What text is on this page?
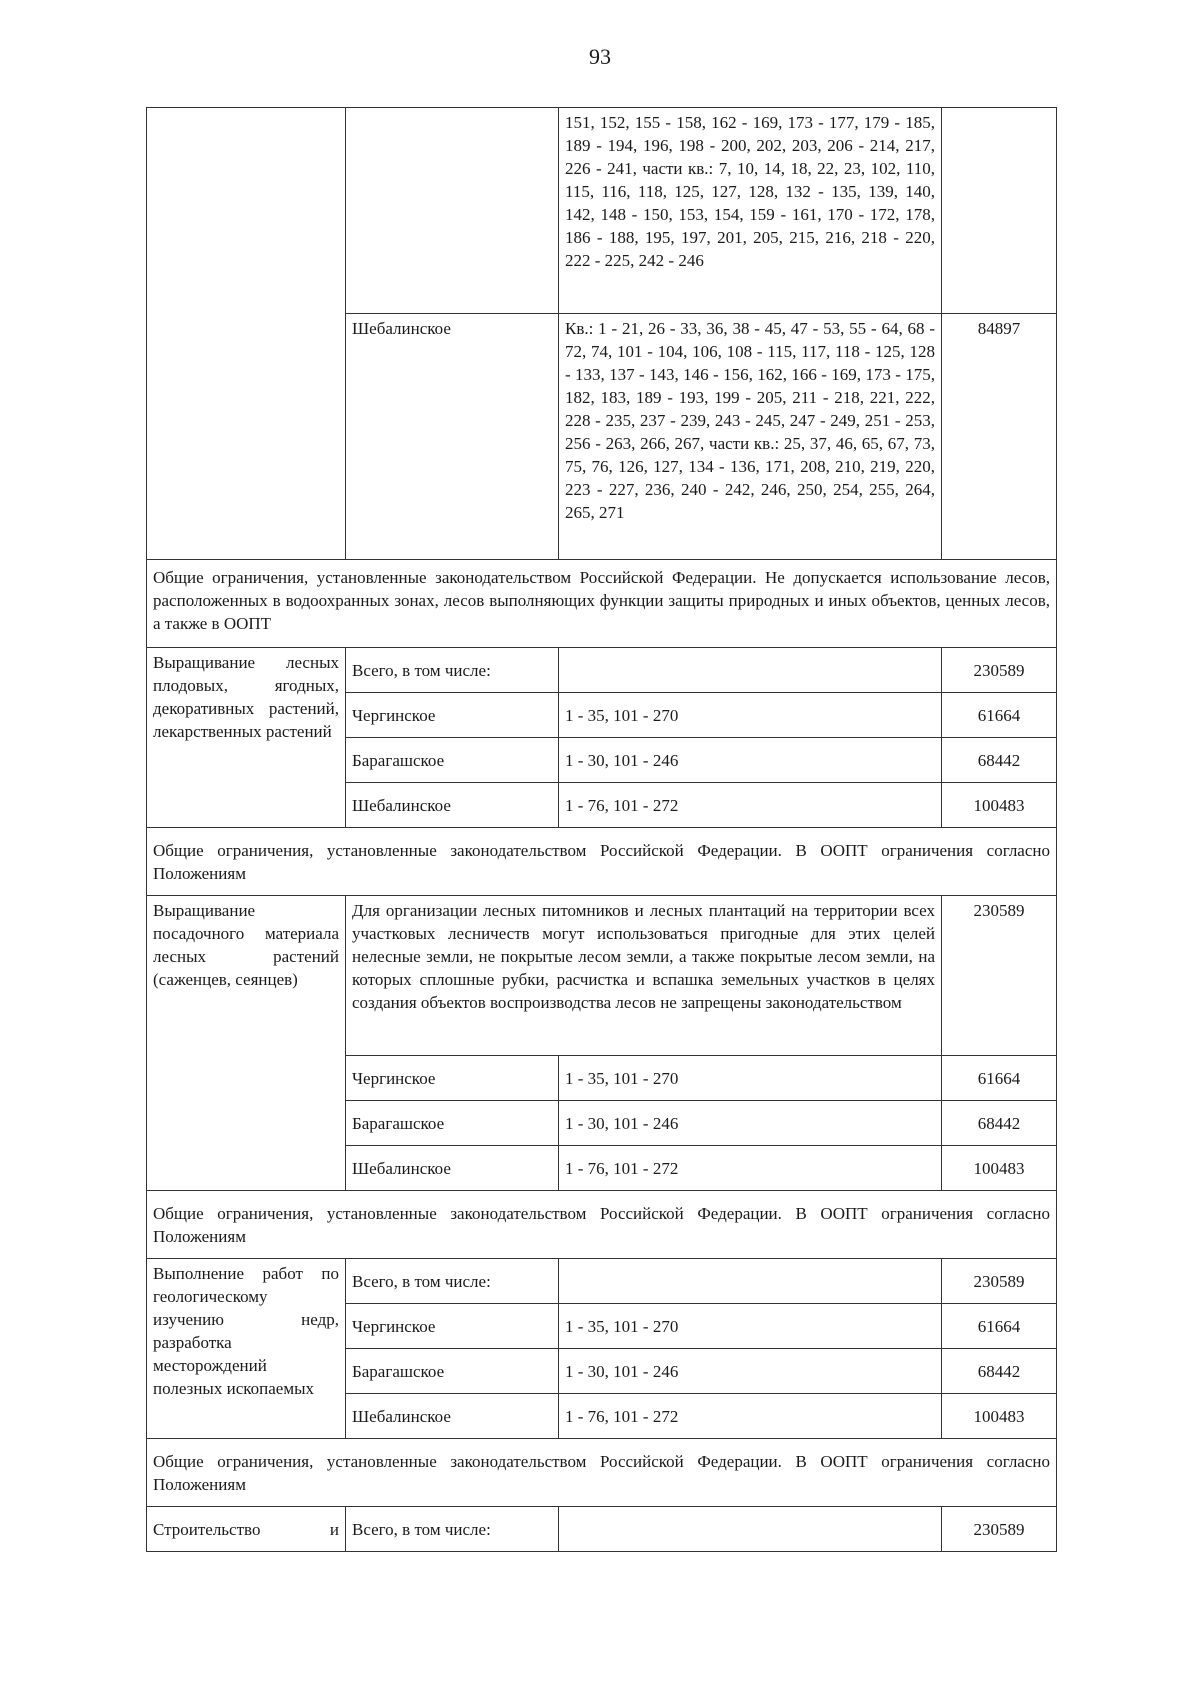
93
		151, 152, 155 - 158, 162 - 169, 173 - 177, 179 - 185, 189 - 194, 196, 198 - 200, 202, 203, 206 - 214, 217, 226 - 241, части кв.: 7, 10, 14, 18, 22, 23, 102, 110, 115, 116, 118, 125, 127, 128, 132 - 135, 139, 140, 142, 148 - 150, 153, 154, 159 - 161, 170 - 172, 178, 186 - 188, 195, 197, 201, 205, 215, 216, 218 - 220, 222 - 225, 242 - 246	
	Шебалинское	Кв.: 1 - 21, 26 - 33, 36, 38 - 45, 47 - 53, 55 - 64, 68 - 72, 74, 101 - 104, 106, 108 - 115, 117, 118 - 125, 128 - 133, 137 - 143, 146 - 156, 162, 166 - 169, 173 - 175, 182, 183, 189 - 193, 199 - 205, 211 - 218, 221, 222, 228 - 235, 237 - 239, 243 - 245, 247 - 249, 251 - 253, 256 - 263, 266, 267, части кв.: 25, 37, 46, 65, 67, 73, 75, 76, 126, 127, 134 - 136, 171, 208, 210, 219, 220, 223 - 227, 236, 240 - 242, 246, 250, 254, 255, 264, 265, 271	84897
Общие ограничения, установленные законодательством Российской Федерации. Не допускается использование лесов, расположенных в водоохранных зонах, лесов выполняющих функции защиты природных и иных объектов, ценных лесов, а также в ООПТ			
Выращивание лесных плодовых, ягодных, декоративных растений, лекарственных растений	Всего, в том числе:		230589
	Чергинское	1 - 35, 101 - 270	61664
	Барагашское	1 - 30, 101 - 246	68442
	Шебалинское	1 - 76, 101 - 272	100483
Общие ограничения, установленные законодательством Российской Федерации. В ООПТ ограничения согласно Положениям			
Выращивание посадочного материала лесных растений (саженцев, сеянцев)	Для организации лесных питомников и лесных плантаций на территории всех участковых лесничеств могут использоваться пригодные для этих целей нелесные земли, не покрытые лесом земли, а также покрытые лесом земли, на которых сплошные рубки, расчистка и вспашка земельных участков в целях создания объектов воспроизводства лесов не запрещены законодательством		230589
	Чергинское	1 - 35, 101 - 270	61664
	Барагашское	1 - 30, 101 - 246	68442
	Шебалинское	1 - 76, 101 - 272	100483
Общие ограничения, установленные законодательством Российской Федерации. В ООПТ ограничения согласно Положениям			
Выполнение работ по геологическому изучению недр, разработка месторождений полезных ископаемых	Всего, в том числе:		230589
	Чергинское	1 - 35, 101 - 270	61664
	Барагашское	1 - 30, 101 - 246	68442
	Шебалинское	1 - 76, 101 - 272	100483
Общие ограничения, установленные законодательством Российской Федерации. В ООПТ ограничения согласно Положениям			

Строительство и	Всего, в том числе:		230589
